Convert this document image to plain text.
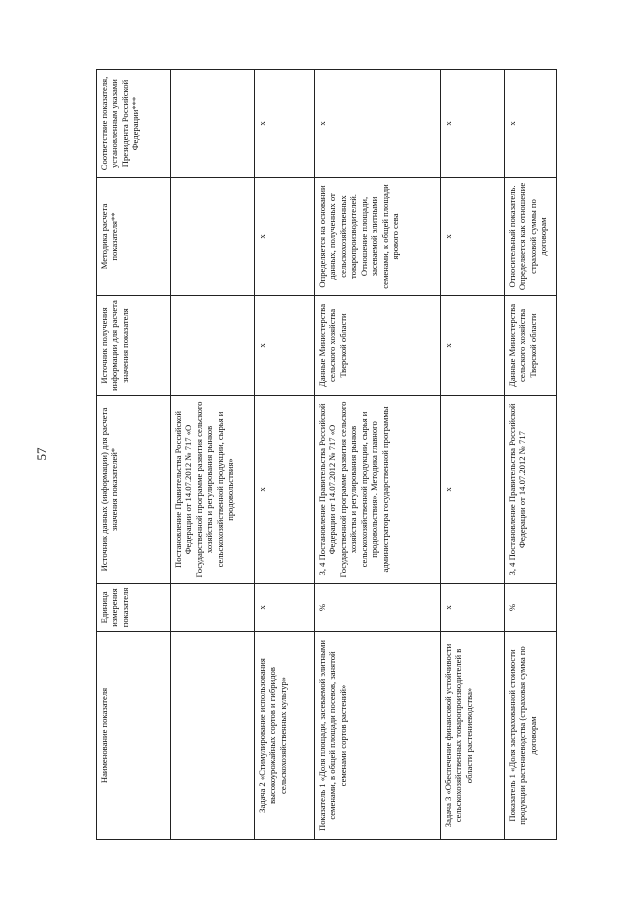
57
Наименование показателя	Единица измерения показателя	Источник данных (информации) для расчета значения показателей*	Источник получения информации для расчета значения показателя	Методика расчета показателя**	Соответствие показателя, установленным указами Президента Российской Федерации***
		Постановление Правительства Российской Федерации от 14.07.2012 № 717 «О Государственной программе развития сельского хозяйства и регулирования рынков сельскохозяйственной продукции, сырья и продовольствия»			
Задача 2 «Стимулирование использования высокоурожайных сортов и гибридов сельскохозяйственных культур»	х	х	х	х	х
Показатель 1 «Доля площади, засеваемой элитными семенами, в общей площади посевов, занятой семенами сортов растений»	%	3, 4 Постановление Правительства Российской Федерации от 14.07.2012 № 717 «О Государственной программе развития сельского хозяйства и регулирования рынков сельскохозяйственной продукции, сырья и продовольствия». Методика главного администратора государственной программы	Данные Министерства сельского хозяйства Тверской области	Определяется на основании данных, полученных от сельскохозяйственных товаропроизводителей. Отношение площади, засеваемой элитными семенами, к общей площади ярового сева	х
Задача 3 «Обеспечение финансовой устойчивости сельскохозяйственных товаропроизводителей в области растениеводства»	х	х	х	х	х
Показатель 1 «Доля застрахованной стоимости продукции растениеводства (страховая сумма по договорам	%	3, 4 Постановление Правительства Российской Федерации от 14.07.2012 № 717	Данные Министерства сельского хозяйства Тверской области	Относительный показатель. Определяется как отношение страховой суммы по договорам	х
